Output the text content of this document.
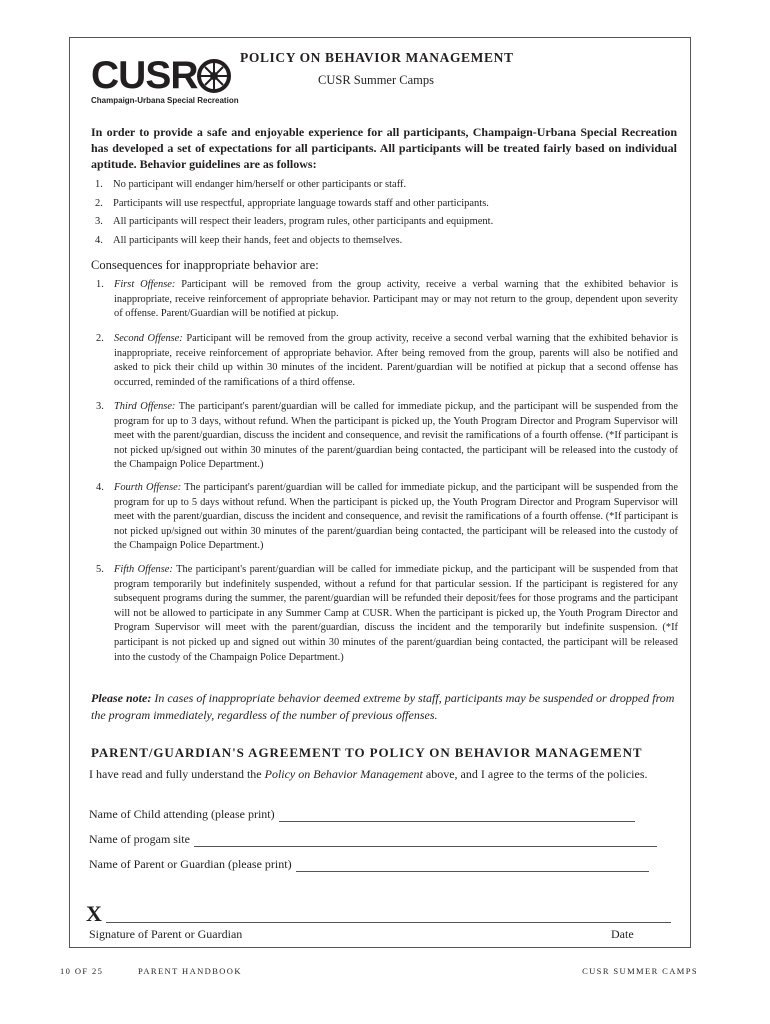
CUSR
Champaign-Urbana Special Recreation
POLICY ON BEHAVIOR MANAGEMENT
CUSR Summer Camps
In order to provide a safe and enjoyable experience for all participants, Champaign-Urbana Special Recreation has developed a set of expectations for all participants. All participants will be treated fairly based on individual aptitude. Behavior guidelines are as follows:
1. No participant will endanger him/herself or other participants or staff.
2. Participants will use respectful, appropriate language towards staff and other participants.
3. All participants will respect their leaders, program rules, other participants and equipment.
4. All participants will keep their hands, feet and objects to themselves.
Consequences for inappropriate behavior are:
1. First Offense: Participant will be removed from the group activity, receive a verbal warning that the exhibited behavior is inappropriate, receive reinforcement of appropriate behavior. Participant may or may not return to the group, dependent upon severity of offense. Parent/Guardian will be notified at pickup.
2. Second Offense: Participant will be removed from the group activity, receive a second verbal warning that the exhibited behavior is inappropriate, receive reinforcement of appropriate behavior. After being removed from the group, parents will also be notified and asked to pick their child up within 30 minutes of the incident. Parent/guardian will be notified at pickup that a second offense has occurred, reminded of the ramifications of a third offense.
3. Third Offense: The participant's parent/guardian will be called for immediate pickup, and the participant will be suspended from the program for up to 3 days, without refund. When the participant is picked up, the Youth Program Director and Program Supervisor will meet with the parent/guardian, discuss the incident and consequence, and revisit the ramifications of a fourth offense. (*If participant is not picked up/signed out within 30 minutes of the parent/guardian being contacted, the participant will be released into the custody of the Champaign Police Department.)
4. Fourth Offense: The participant's parent/guardian will be called for immediate pickup, and the participant will be suspended from the program for up to 5 days without refund. When the participant is picked up, the Youth Program Director and Program Supervisor will meet with the parent/guardian, discuss the incident and consequence, and revisit the ramifications of a fourth offense. (*If participant is not picked up/signed out within 30 minutes of the parent/guardian being contacted, the participant will be released into the custody of the Champaign Police Department.)
5. Fifth Offense: The participant's parent/guardian will be called for immediate pickup, and the participant will be suspended from that program temporarily but indefinitely suspended, without a refund for that particular session. If the participant is registered for any subsequent programs during the summer, the parent/guardian will be refunded their deposit/fees for those programs and the participant will not be allowed to participate in any Summer Camp at CUSR. When the participant is picked up, the Youth Program Director and Program Supervisor will meet with the parent/guardian, discuss the incident and the temporarily but indefinite suspension. (*If participant is not picked up and signed out within 30 minutes of the parent/guardian being contacted, the participant will be released into the custody of the Champaign Police Department.)
Please note: In cases of inappropriate behavior deemed extreme by staff, participants may be suspended or dropped from the program immediately, regardless of the number of previous offenses.
PARENT/GUARDIAN'S AGREEMENT TO POLICY ON BEHAVIOR MANAGEMENT
I have read and fully understand the Policy on Behavior Management above, and I agree to the terms of the policies.
Name of Child attending (please print)
Name of progam site
Name of Parent or Guardian (please print)
X
Signature of Parent or Guardian	Date
10 OF 25	PARENT HANDBOOK	CUSR SUMMER CAMPS
